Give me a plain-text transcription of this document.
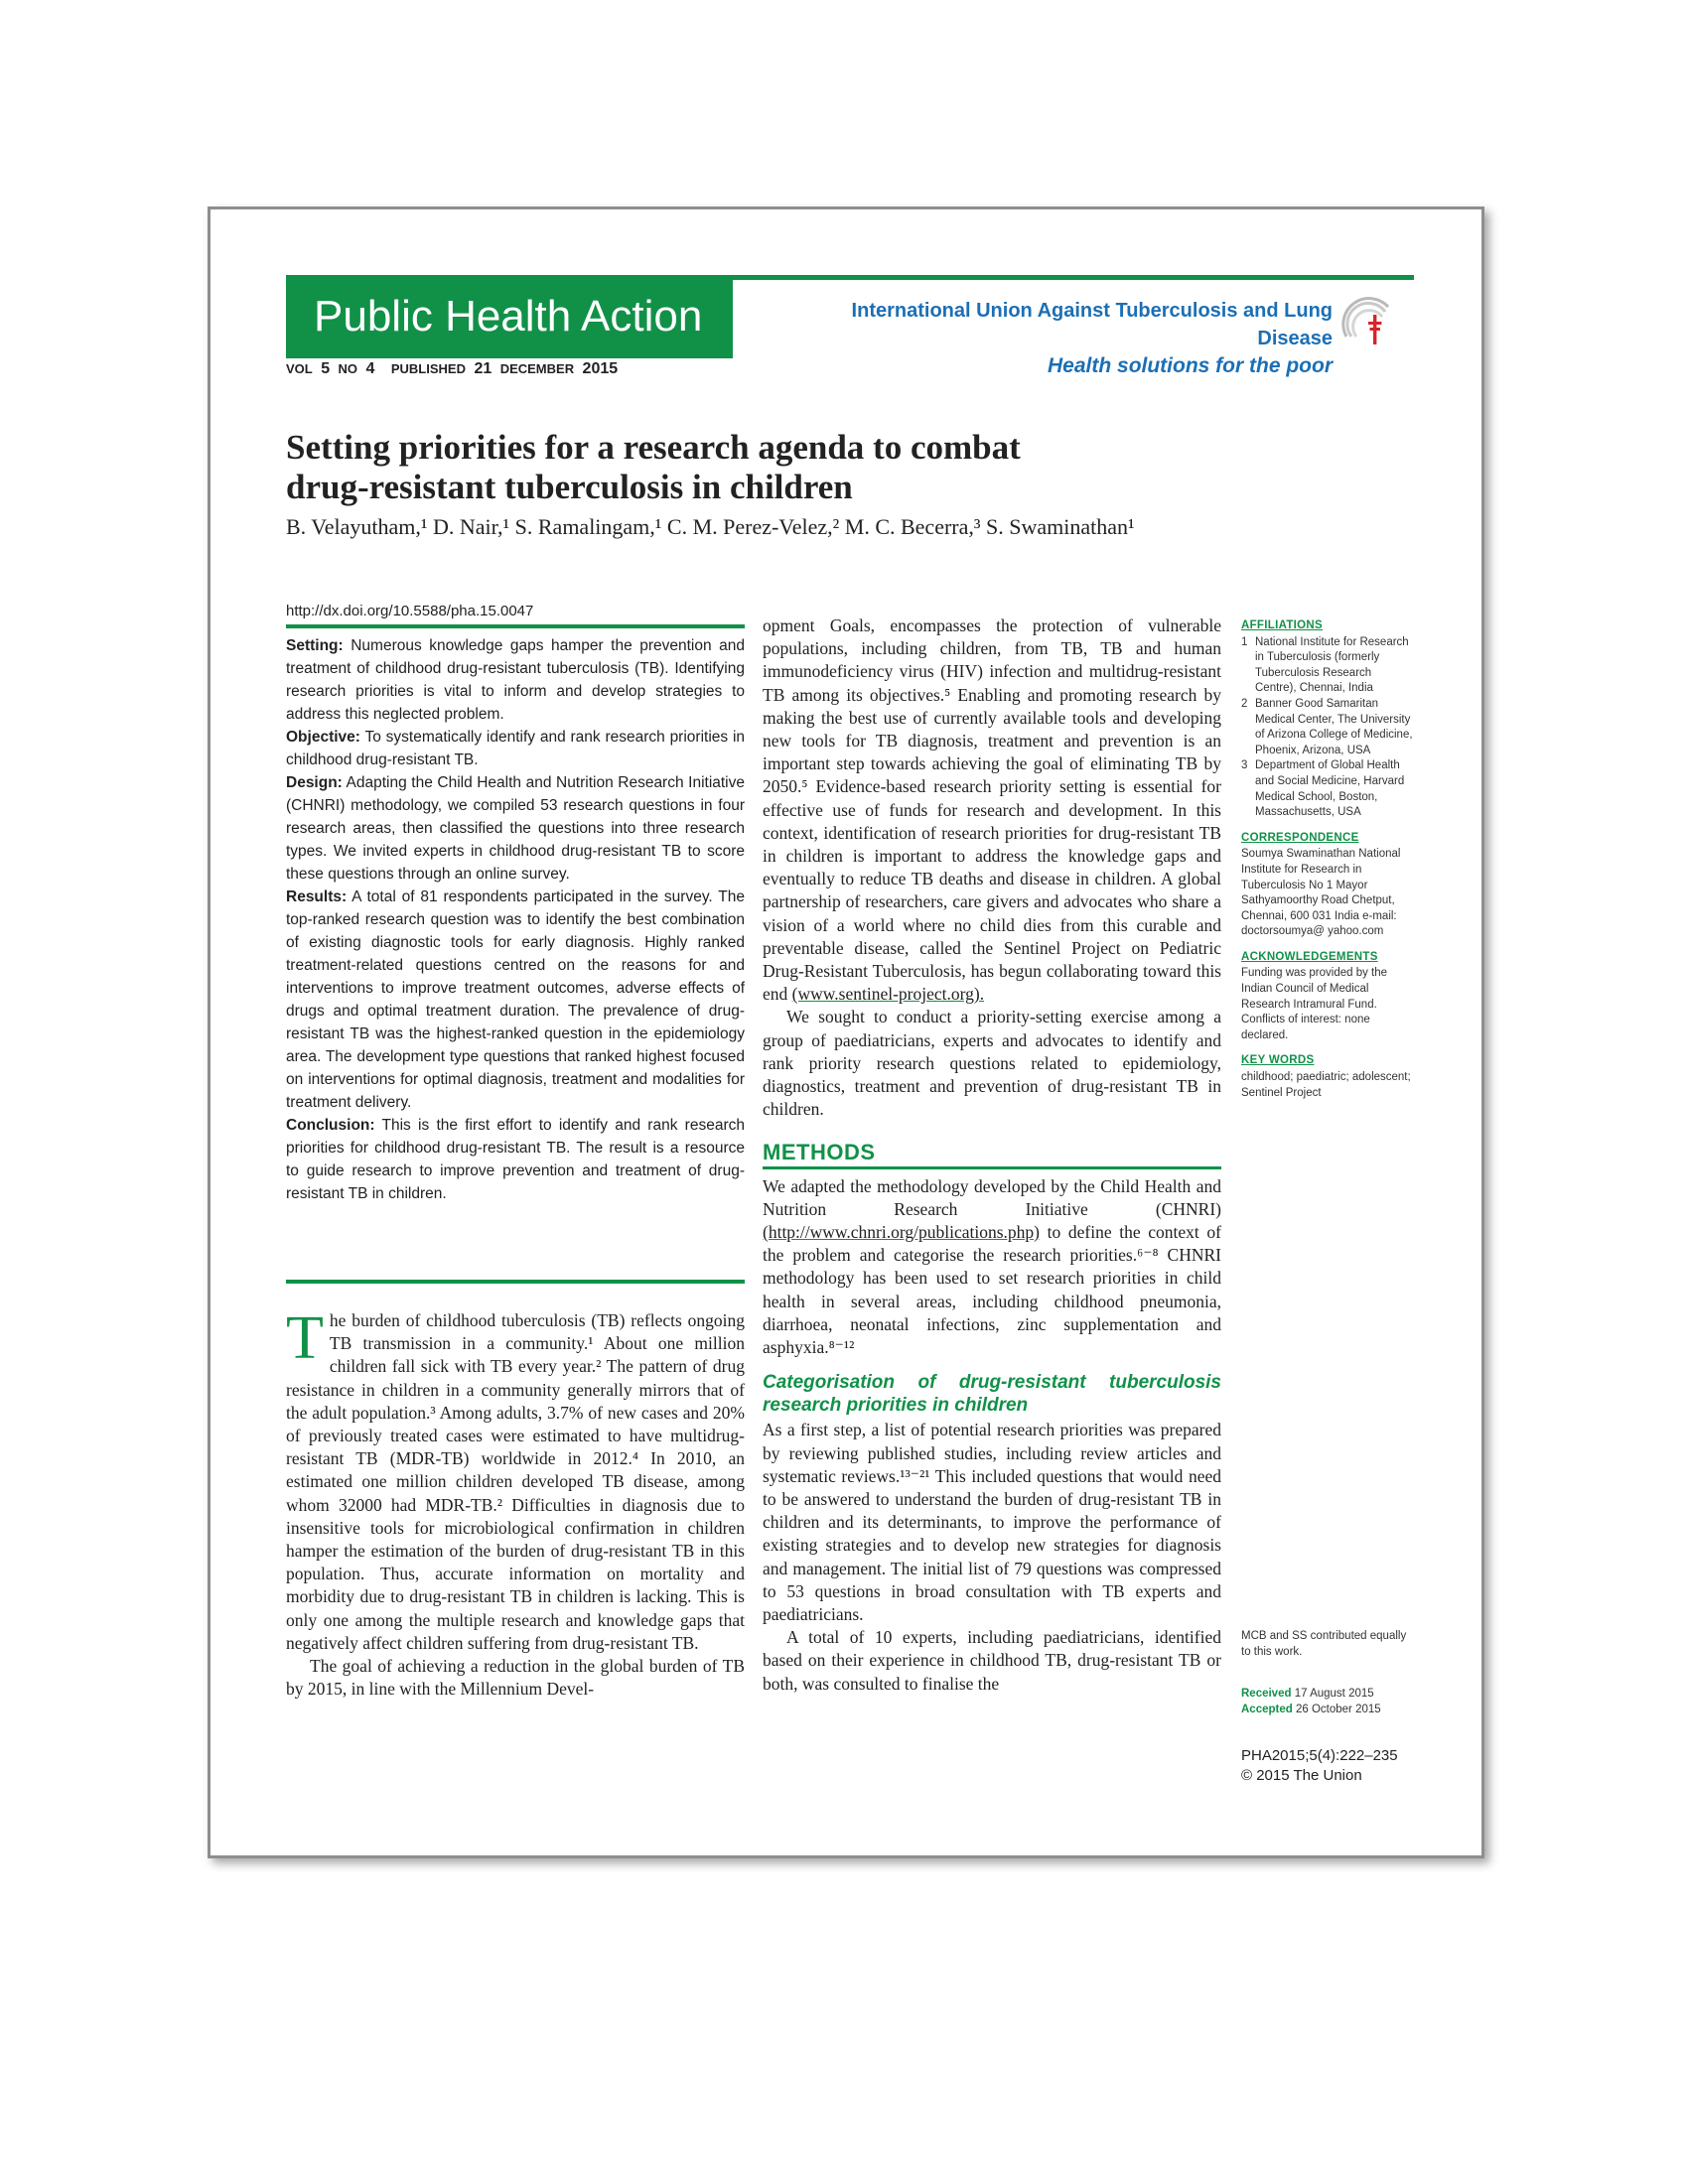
Public Health Action	International Union Against Tuberculosis and Lung Disease
Health solutions for the poor
VOL 5 NO 4 PUBLISHED 21 DECEMBER 2015
Setting priorities for a research agenda to combat
drug-resistant tuberculosis in children
B. Velayutham,¹ D. Nair,¹ S. Ramalingam,¹ C. M. Perez-Velez,² M. C. Becerra,³ S. Swaminathan¹
http://dx.doi.org/10.5588/pha.15.0047

Setting: Numerous knowledge gaps hamper the prevention and treatment of childhood drug-resistant tuberculosis (TB). Identifying research priorities is vital to inform and develop strategies to address this neglected problem.

Objective: To systematically identify and rank research priorities in childhood drug-resistant TB.

Design: Adapting the Child Health and Nutrition Research Initiative (CHNRI) methodology, we compiled 53 research questions in four research areas, then classified the questions into three research types. We invited experts in childhood drug-resistant TB to score these questions through an online survey.

Results: A total of 81 respondents participated in the survey. The top-ranked research question was to identify the best combination of existing diagnostic tools for early diagnosis. Highly ranked treatment-related questions centred on the reasons for and interventions to improve treatment outcomes, adverse effects of drugs and optimal treatment duration. The prevalence of drug-resistant TB was the highest-ranked question in the epidemiology area. The development type questions that ranked highest focused on interventions for optimal diagnosis, treatment and modalities for treatment delivery.

Conclusion: This is the first effort to identify and rank research priorities for childhood drug-resistant TB. The result is a resource to guide research to improve prevention and treatment of drug-resistant TB in children.

The burden of childhood tuberculosis (TB) reflects ongoing TB transmission in a community.¹ About one million children fall sick with TB every year.² The pattern of drug resistance in children in a community generally mirrors that of the adult population.³ Among adults, 3.7% of new cases and 20% of previously treated cases were estimated to have multidrug-resistant TB (MDR-TB) worldwide in 2012.⁴ In 2010, an estimated one million children developed TB disease, among whom 32000 had MDR-TB.² Difficulties in diagnosis due to insensitive tools for microbiological confirmation in children hamper the estimation of the burden of drug-resistant TB in this population. Thus, accurate information on mortality and morbidity due to drug-resistant TB in children is lacking. This is only one among the multiple research and knowledge gaps that negatively affect children suffering from drug-resistant TB.

The goal of achieving a reduction in the global burden of TB by 2015, in line with the Millennium Devel-

opment Goals, encompasses the protection of vulnerable populations, including children, from TB, TB and human immunodeficiency virus (HIV) infection and multidrug-resistant TB among its objectives.⁵ Enabling and promoting research by making the best use of currently available tools and developing new tools for TB diagnosis, treatment and prevention is an important step towards achieving the goal of eliminating TB by 2050.⁵ Evidence-based research priority setting is essential for effective use of funds for research and development. In this context, identification of research priorities for drug-resistant TB in children is important to address the knowledge gaps and eventually to reduce TB deaths and disease in children. A global partnership of researchers, care givers and advocates who share a vision of a world where no child dies from this curable and preventable disease, called the Sentinel Project on Pediatric Drug-Resistant Tuberculosis, has begun collaborating toward this end (www.sentinel-project.org).

We sought to conduct a priority-setting exercise among a group of paediatricians, experts and advocates to identify and rank priority research questions related to epidemiology, diagnostics, treatment and prevention of drug-resistant TB in children.

METHODS

We adapted the methodology developed by the Child Health and Nutrition Research Initiative (CHNRI) (http://www.chnri.org/publications.php) to define the context of the problem and categorise the research priorities.⁶⁻⁸ CHNRI methodology has been used to set research priorities in child health in several areas, including childhood pneumonia, diarrhoea, neonatal infections, zinc supplementation and asphyxia.⁸⁻¹²

Categorisation of drug-resistant tuberculosis research priorities in children

As a first step, a list of potential research priorities was prepared by reviewing published studies, including review articles and systematic reviews.¹³⁻²¹ This included questions that would need to be answered to understand the burden of drug-resistant TB in children and its determinants, to improve the performance of existing strategies and to develop new strategies for diagnosis and management. The initial list of 79 questions was compressed to 53 questions in broad consultation with TB experts and paediatricians.

A total of 10 experts, including paediatricians, identified based on their experience in childhood TB, drug-resistant TB or both, was consulted to finalise the

AFFILIATIONS
1 National Institute for Research in Tuberculosis (formerly Tuberculosis Research Centre), Chennai, India
2 Banner Good Samaritan Medical Center, The University of Arizona College of Medicine, Phoenix, Arizona, USA
3 Department of Global Health and Social Medicine, Harvard Medical School, Boston, Massachusetts, USA
CORRESPONDENCE

Soumya Swaminathan National Institute for Research in Tuberculosis No 1 Mayor Sathyamoorthy Road Chetput, Chennai, 600 031 India e-mail: doctorsoumya@ yahoo.com

ACKNOWLEDGEMENTS

Funding was provided by the Indian Council of Medical Research Intramural Fund. Conflicts of interest: none declared.

KEY WORDS

childhood; paediatric; adolescent; Sentinel Project

MCB and SS contributed equally to this work.
Received 17 August 2015
Accepted 26 October 2015
PHA2015;5(4):222–235
© 2015 The Union
